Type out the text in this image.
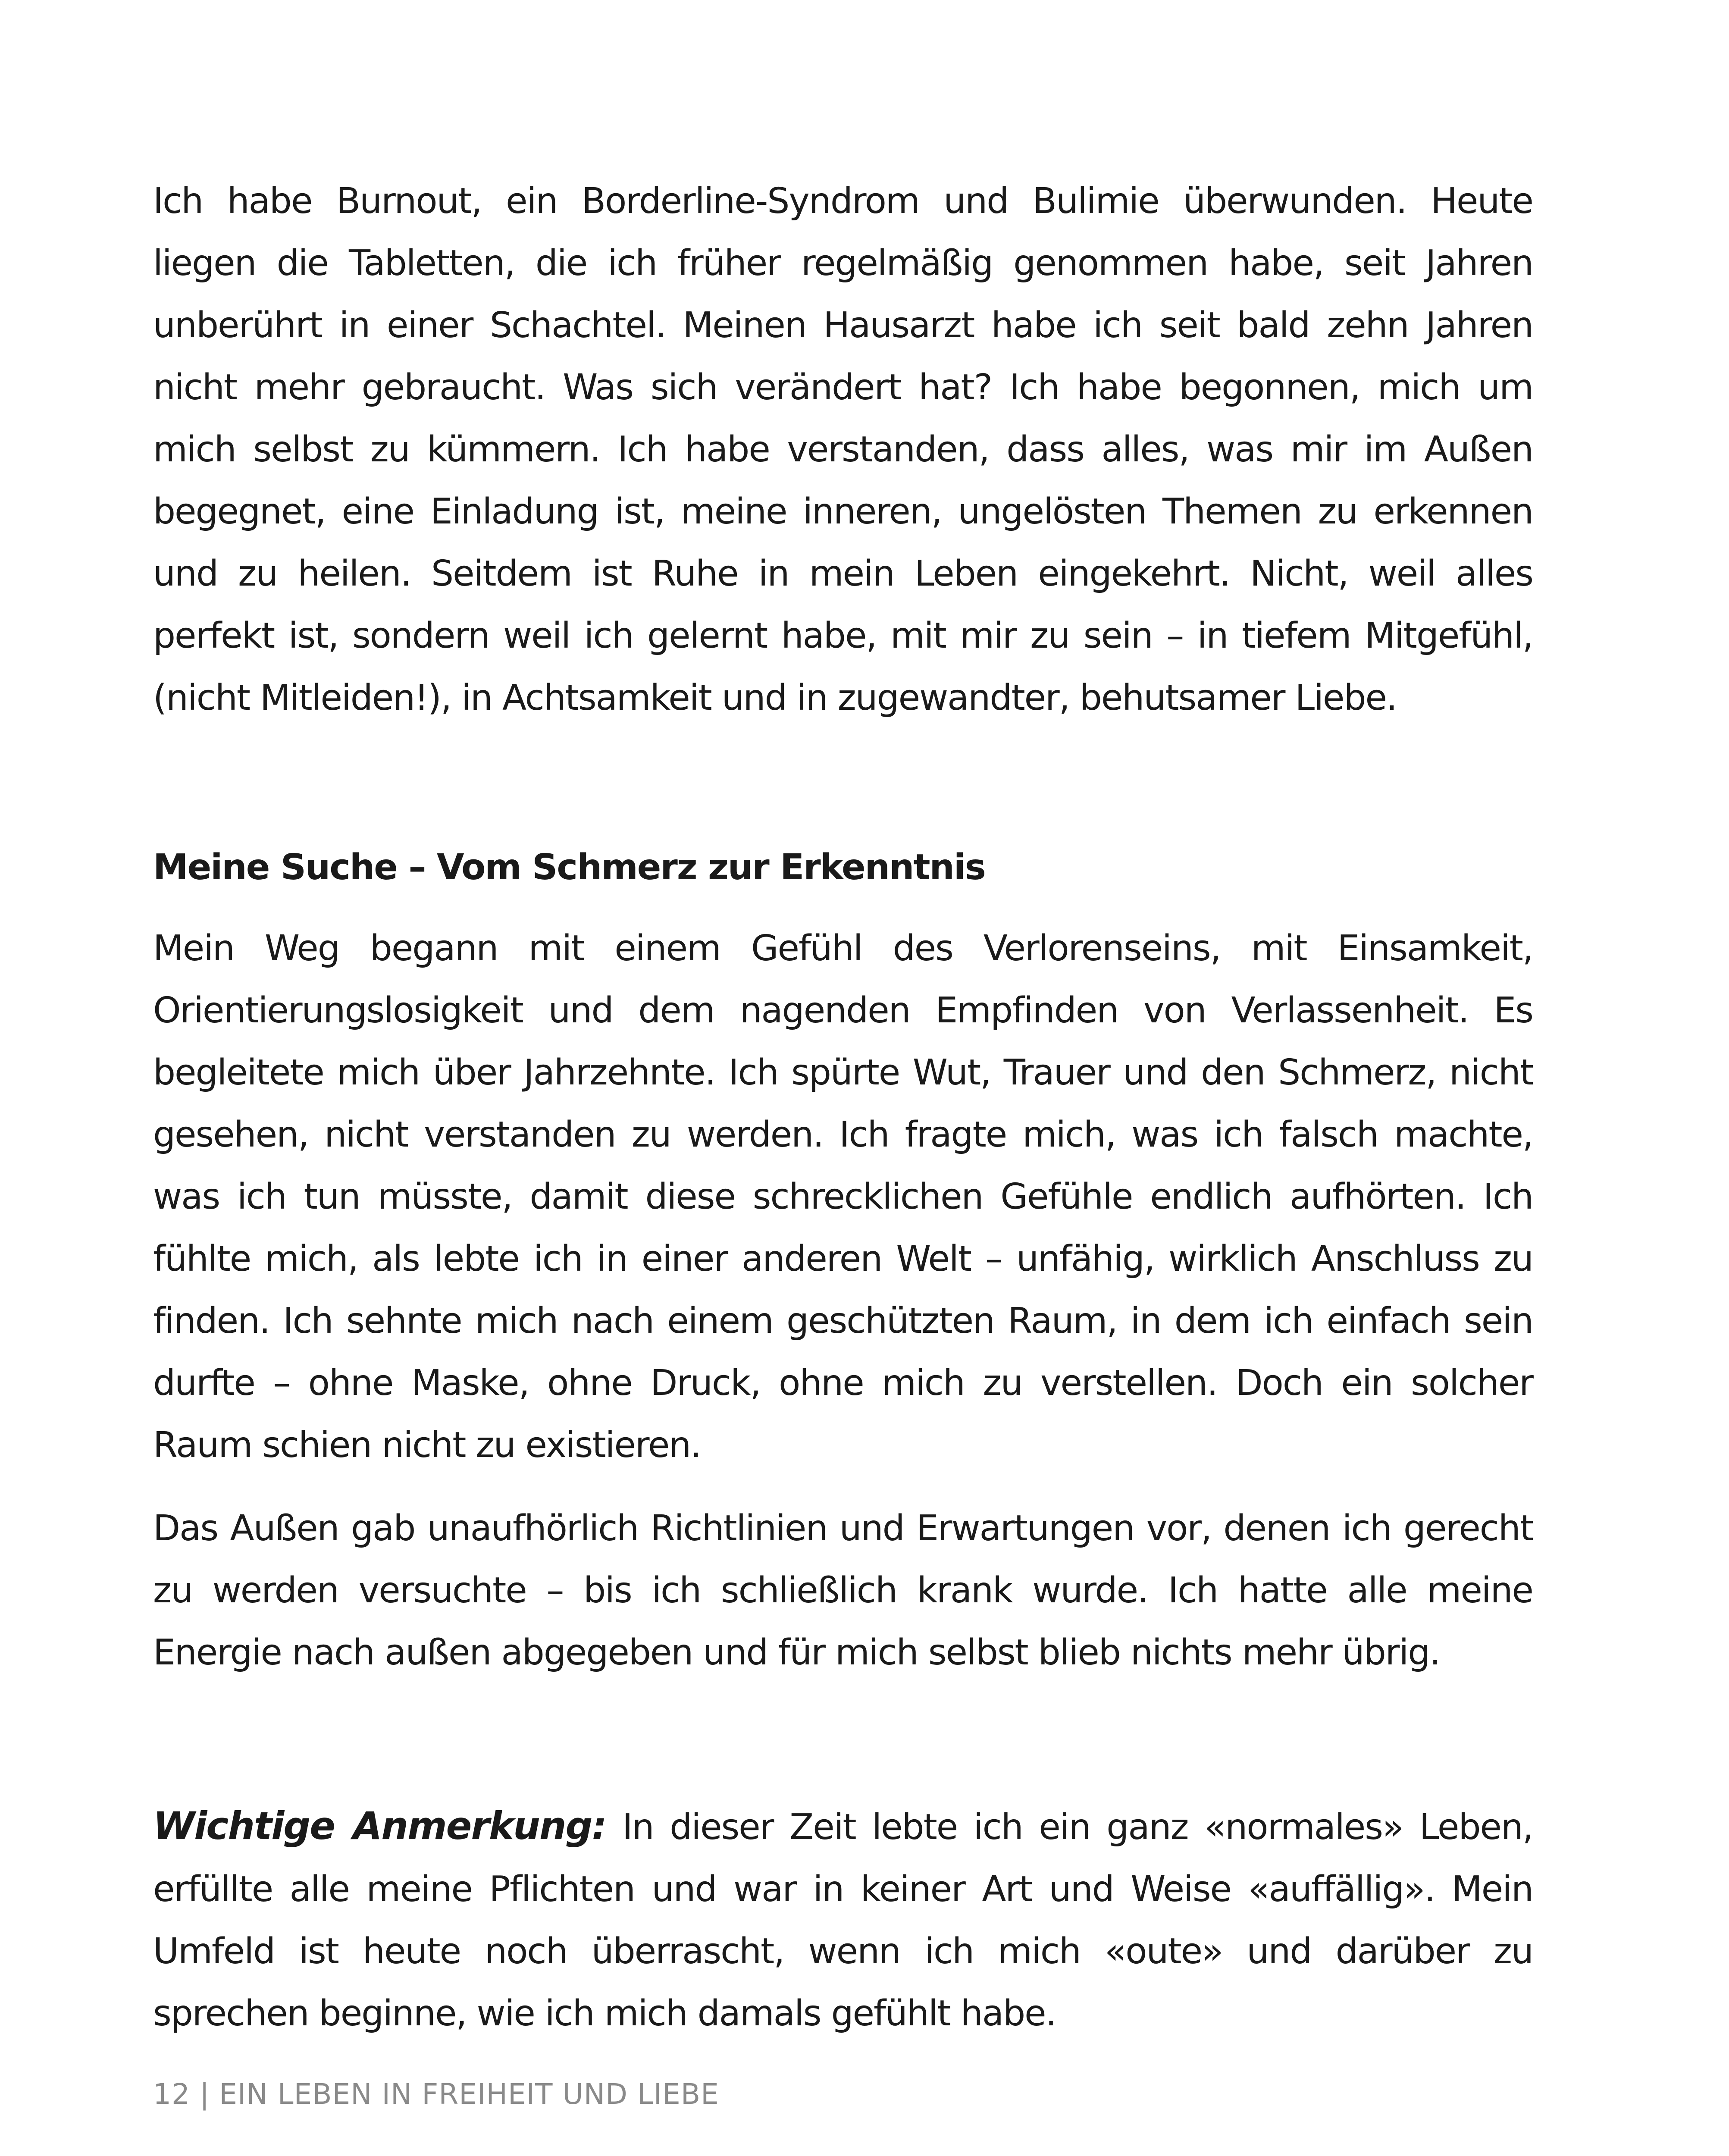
Ich habe Burnout, ein Borderline-Syndrom und Bulimie überwunden. Heute liegen die Tabletten, die ich früher regelmäßig genommen habe, seit Jahren unberührt in einer Schachtel. Meinen Hausarzt habe ich seit bald zehn Jahren nicht mehr gebraucht. Was sich verändert hat? Ich habe begonnen, mich um mich selbst zu kümmern. Ich habe verstanden, dass alles, was mir im Außen begegnet, eine Einladung ist, meine inneren, ungelösten Themen zu erkennen und zu heilen. Seitdem ist Ruhe in mein Leben eingekehrt. Nicht, weil alles perfekt ist, sondern weil ich gelernt habe, mit mir zu sein – in tiefem Mitgefühl, (nicht Mitleiden!), in Achtsamkeit und in zugewandter, behutsamer Liebe.

Meine Suche – Vom Schmerz zur Erkenntnis

Mein Weg begann mit einem Gefühl des Verlorenseins, mit Einsamkeit, Orientierungslosigkeit und dem nagenden Empfinden von Verlassenheit. Es begleitete mich über Jahrzehnte. Ich spürte Wut, Trauer und den Schmerz, nicht gesehen, nicht verstanden zu werden. Ich fragte mich, was ich falsch machte, was ich tun müsste, damit diese schrecklichen Gefühle endlich aufhörten. Ich fühlte mich, als lebte ich in einer anderen Welt – unfähig, wirklich Anschluss zu finden. Ich sehnte mich nach einem geschützten Raum, in dem ich einfach sein durfte – ohne Maske, ohne Druck, ohne mich zu verstellen. Doch ein solcher Raum schien nicht zu existieren.

Das Außen gab unaufhörlich Richtlinien und Erwartungen vor, denen ich gerecht zu werden versuchte – bis ich schließlich krank wurde. Ich hatte alle meine Energie nach außen abgegeben und für mich selbst blieb nichts mehr übrig.

Wichtige Anmerkung: In dieser Zeit lebte ich ein ganz «normales» Leben, erfüllte alle meine Pflichten und war in keiner Art und Weise «auffällig». Mein Umfeld ist heute noch überrascht, wenn ich mich «oute» und darüber zu sprechen beginne, wie ich mich damals gefühlt habe.

12 | EIN LEBEN IN FREIHEIT UND LIEBE
